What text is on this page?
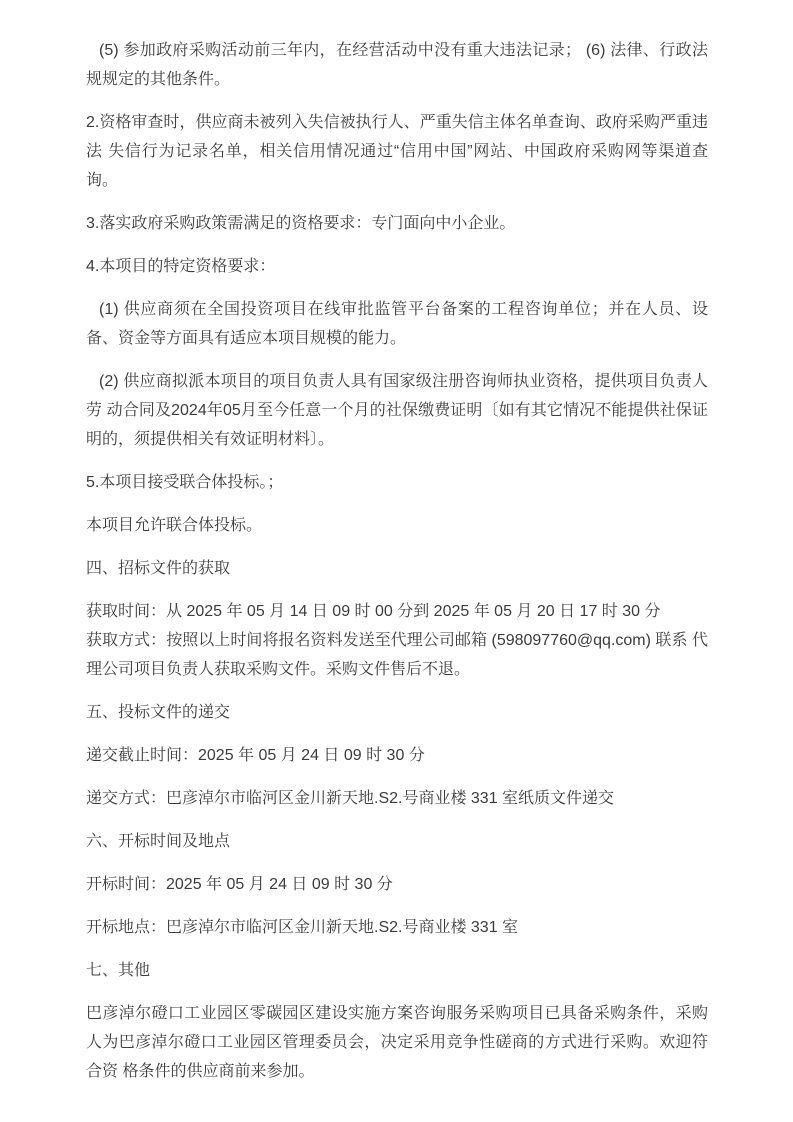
(5) 参加政府采购活动前三年内，在经营活动中没有重大违法记录； (6) 法律、行政法规规定的其他条件。

2.资格审查时，供应商未被列入失信被执行人、严重失信主体名单查询、政府采购严重违法 失信行为记录名单，相关信用情况通过“信用中国”网站、中国政府采购网等渠道查询。

3.落实政府采购政策需满足的资格要求：专门面向中小企业。

4.本项目的特定资格要求：

(1) 供应商须在全国投资项目在线审批监管平台备案的工程咨询单位；并在人员、设备、资金等方面具有适应本项目规模的能力。

(2) 供应商拟派本项目的项目负责人具有国家级注册咨询师执业资格，提供项目负责人劳 动合同及2024年05月至今任意一个月的社保缴费证明〔如有其它情况不能提供社保证明的，须提供相关有效证明材料〕。

5.本项目接受联合体投标。；

本项目允许联合体投标。

四、招标文件的获取

获取时间：从 2025 年 05 月 14 日 09 时 00 分到 2025 年 05 月 20 日 17 时 30 分

获取方式：按照以上时间将报名资料发送至代理公司邮箱 (598097760@qq.com) 联系 代理公司项目负责人获取采购文件。采购文件售后不退。

五、投标文件的递交

递交截止时间：2025 年 05 月 24 日 09 时 30 分

递交方式：巴彦淖尔市临河区金川新天地.S2.号商业楼 331 室纸质文件递交

六、开标时间及地点

开标时间：2025 年 05 月 24 日 09 时 30 分

开标地点：巴彦淖尔市临河区金川新天地.S2.号商业楼 331 室

七、其他

巴彦淖尔磴口工业园区零碳园区建设实施方案咨询服务采购项目已具备采购条件，采购人为巴彦淖尔磴口工业园区管理委员会，决定采用竞争性磋商的方式进行采购。欢迎符合资 格条件的供应商前来参加。
